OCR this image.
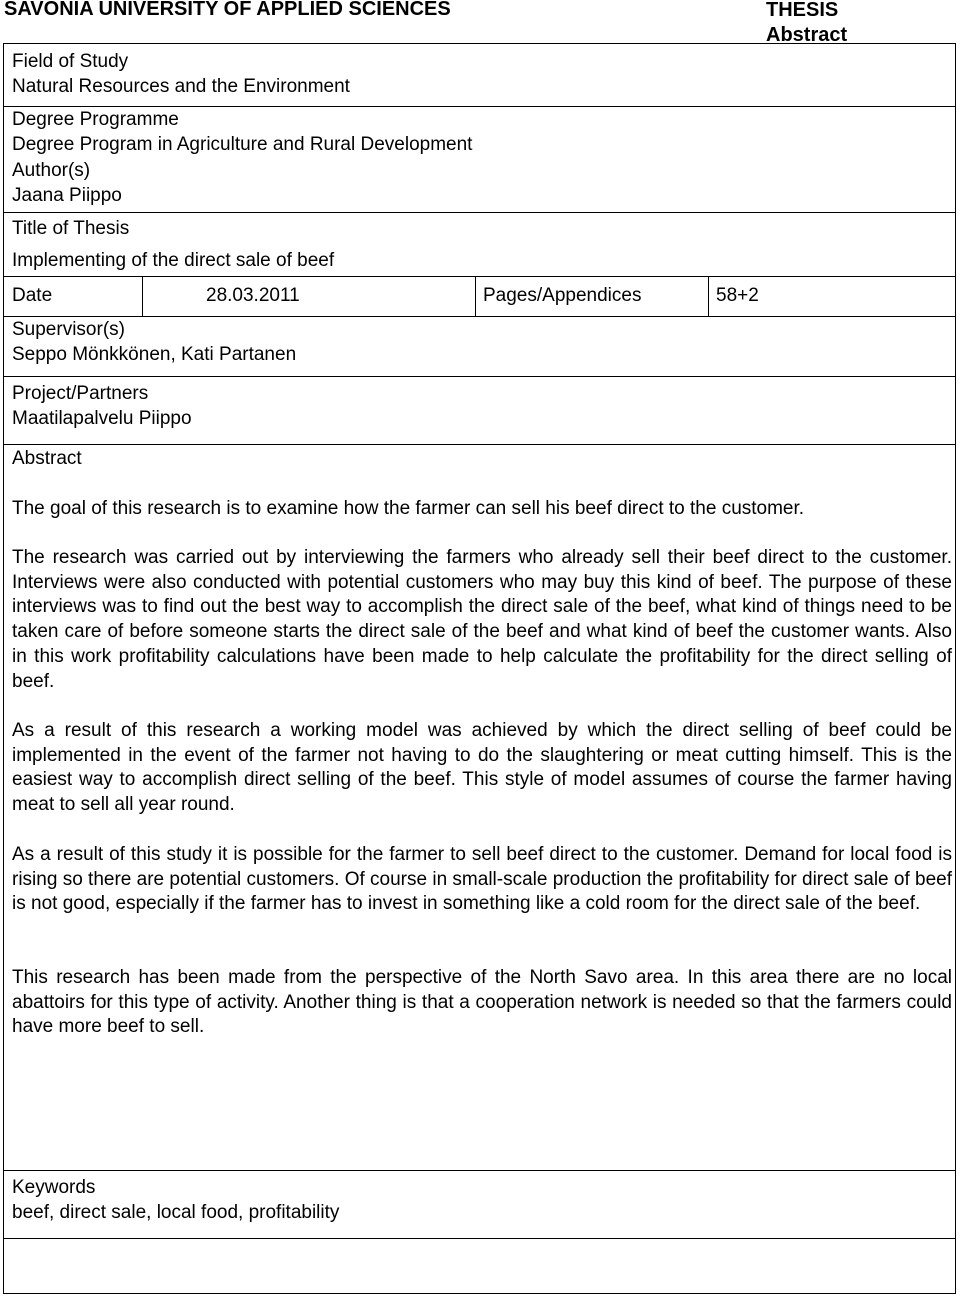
SAVONIA UNIVERSITY OF APPLIED SCIENCES	THESIS
Abstract
Field of Study
Natural Resources and the Environment
Degree Programme
Degree Program in Agriculture and Rural Development
Author(s)
Jaana Piippo
Title of Thesis
Implementing of the direct sale of beef
Date	28.03.2011	Pages/Appendices	58+2
Supervisor(s)
Seppo Mönkkönen, Kati Partanen
Project/Partners
Maatilapalvelu Piippo
Abstract
The goal of this research is to examine how the farmer can sell his beef direct to the customer.
The research was carried out by interviewing the farmers who already sell their beef direct to the customer. Interviews were also conducted with potential customers who may buy this kind of beef. The purpose of these interviews was to find out the best way to accomplish the direct sale of the beef, what kind of things need to be taken care of before someone starts the direct sale of the beef and what kind of beef the customer wants. Also in this work profitability calculations have been made to help calculate the profitability for the direct selling of beef.
As a result of this research a working model was achieved by which the direct selling of beef could be implemented in the event of the farmer not having to do the slaughtering or meat cutting himself. This is the easiest way to accomplish direct selling of the beef. This style of model assumes of course the farmer having meat to sell all year round.
As a result of this study it is possible for the farmer to sell beef direct to the customer. Demand for local food is rising so there are potential customers. Of course in small-scale production the profitability for direct sale of beef is not good, especially if the farmer has to invest in something like a cold room for the direct sale of the beef.
This research has been made from the perspective of the North Savo area. In this area there are no local abattoirs for this type of activity. Another thing is that a cooperation network is needed so that the farmers could have more beef to sell.
Keywords
beef, direct sale, local food, profitability
